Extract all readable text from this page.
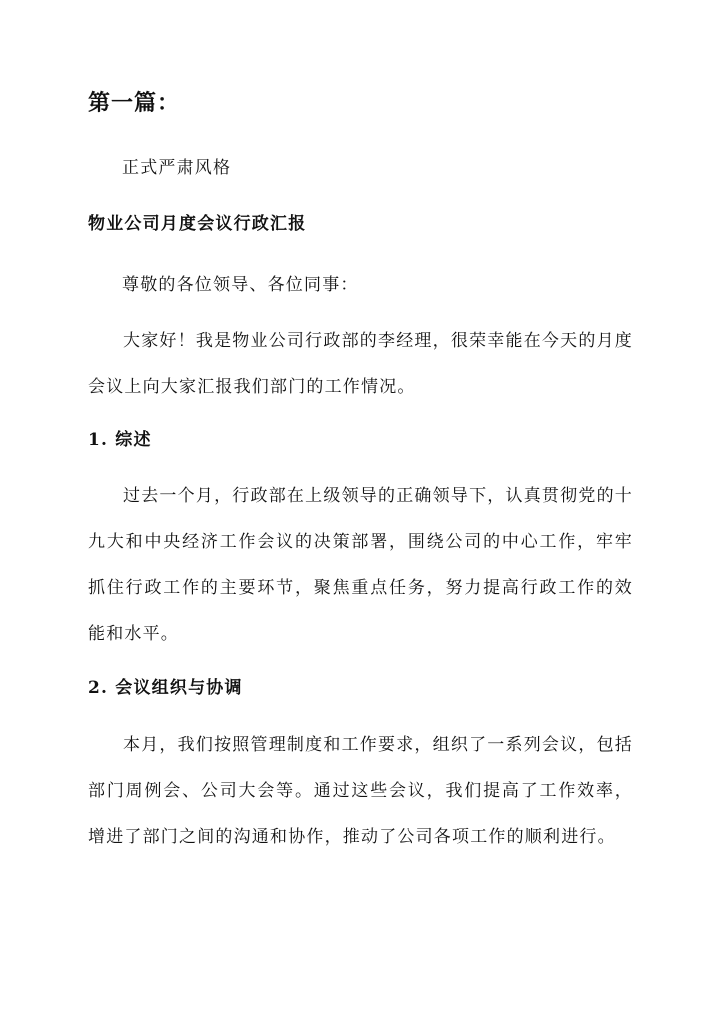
第一篇：
正式严肃风格
物业公司月度会议行政汇报
尊敬的各位领导、各位同事：
大家好！我是物业公司行政部的李经理，很荣幸能在今天的月度会议上向大家汇报我们部门的工作情况。
1. 综述
过去一个月，行政部在上级领导的正确领导下，认真贯彻党的十九大和中央经济工作会议的决策部署，围绕公司的中心工作，牢牢抓住行政工作的主要环节，聚焦重点任务，努力提高行政工作的效能和水平。
2. 会议组织与协调
本月，我们按照管理制度和工作要求，组织了一系列会议，包括部门周例会、公司大会等。通过这些会议，我们提高了工作效率，增进了部门之间的沟通和协作，推动了公司各项工作的顺利进行。
